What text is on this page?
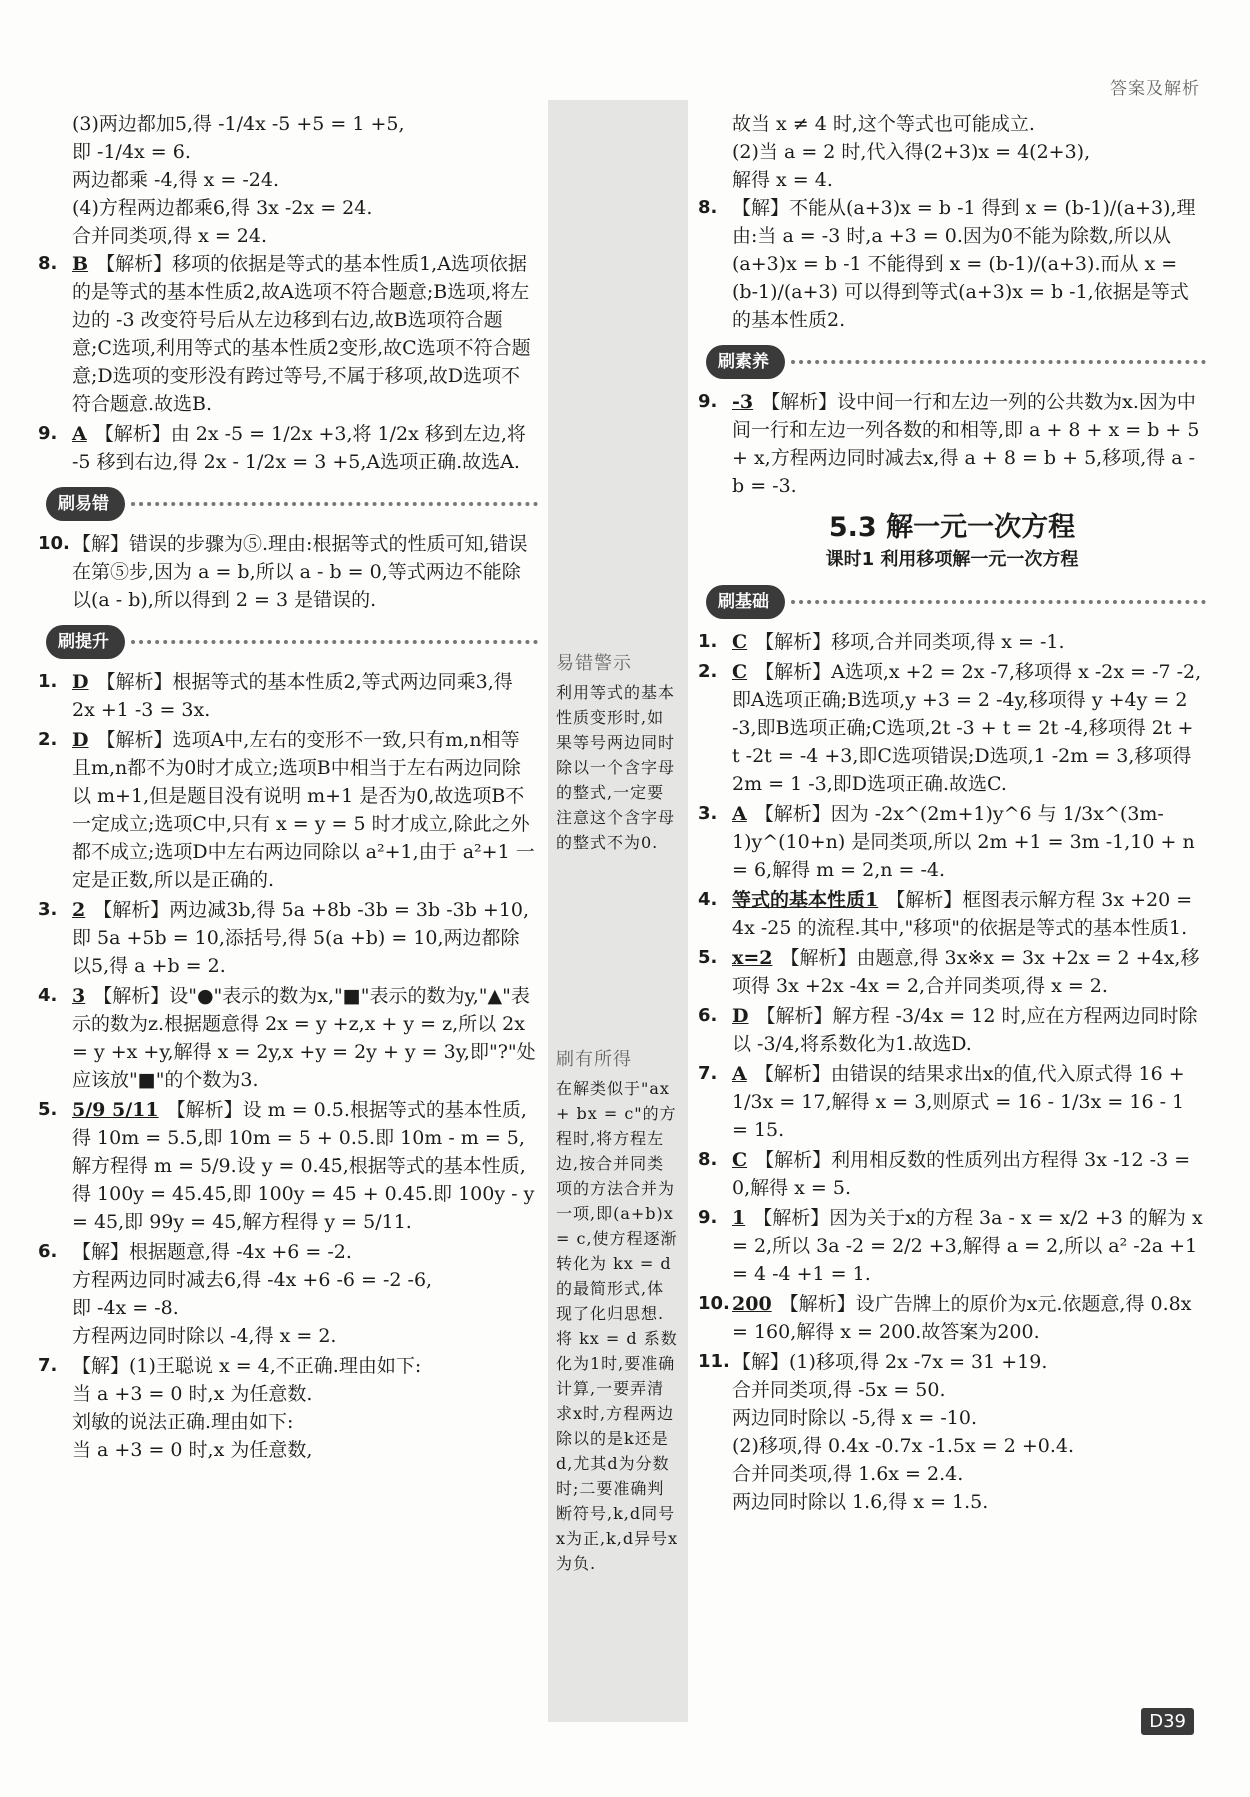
答案及解析

(3)两边都加5,得 -1/4x -5 +5 = 1 +5,

即 -1/4x = 6.

两边都乘 -4,得 x = -24.

(4)方程两边都乘6,得 3x -2x = 24.

合并同类项,得 x = 24.

8. B 【解析】移项的依据是等式的基本性质1,A选项依据的是等式的基本性质2,故A选项不符合题意;B选项,将左边的 -3 改变符号后从左边移到右边,故B选项符合题意;C选项,利用等式的基本性质2变形,故C选项不符合题意;D选项的变形没有跨过等号,不属于移项,故D选项不符合题意.故选B.
9. A 【解析】由 2x -5 = 1/2x +3,将 1/2x 移到左边,将 -5 移到右边,得 2x - 1/2x = 3 +5,A选项正确.故选A.
刷易错
10. 【解】错误的步骤为⑤.理由:根据等式的性质可知,错误在第⑤步,因为 a = b,所以 a - b = 0,等式两边不能除以(a - b),所以得到 2 = 3 是错误的.
刷提升
1. D 【解析】根据等式的基本性质2,等式两边同乘3,得 2x +1 -3 = 3x.
2. D 【解析】选项A中,左右的变形不一致,只有m,n相等且m,n都不为0时才成立;选项B中相当于左右两边同除以 m+1,但是题目没有说明 m+1 是否为0,故选项B不一定成立;选项C中,只有 x = y = 5 时才成立,除此之外都不成立;选项D中左右两边同除以 a²+1,由于 a²+1 一定是正数,所以是正确的.
3. 2 【解析】两边减3b,得 5a +8b -3b = 3b -3b +10,即 5a +5b = 10,添括号,得 5(a +b) = 10,两边都除以5,得 a +b = 2.
4. 3 【解析】设"●"表示的数为x,"■"表示的数为y,"▲"表示的数为z.根据题意得 2x = y +z,x + y = z,所以 2x = y +x +y,解得 x = 2y,x +y = 2y + y = 3y,即"?"处应该放"■"的个数为3.
5. 5/9 5/11 【解析】设 m = 0.5̇.根据等式的基本性质,得 10m = 5.5̇,即 10m = 5 + 0.5̇.即 10m - m = 5,解方程得 m = 5/9.设 y = 0.4̇5̇,根据等式的基本性质,得 100y = 45.4̇5̇,即 100y = 45 + 0.4̇5̇.即 100y - y = 45,即 99y = 45,解方程得 y = 5/11.
6. 【解】根据题意,得 -4x +6 = -2.

方程两边同时减去6,得 -4x +6 -6 = -2 -6,

即 -4x = -8.

方程两边同时除以 -4,得 x = 2.

7. 【解】(1)王聪说 x = 4,不正确.理由如下:

当 a +3 = 0 时,x 为任意数.

刘敏的说法正确.理由如下:

当 a +3 = 0 时,x 为任意数,

易错警示
利用等式的基本性质变形时,如果等号两边同时除以一个含字母的整式,一定要注意这个含字母的整式不为0.
刷有所得
在解类似于"ax + bx = c"的方程时,将方程左边,按合并同类项的方法合并为一项,即(a+b)x = c,使方程逐渐转化为 kx = d 的最简形式,体现了化归思想.将 kx = d 系数化为1时,要准确计算,一要弄清求x时,方程两边除以的是k还是d,尤其d为分数时;二要准确判断符号,k,d同号x为正,k,d异号x为负.

故当 x ≠ 4 时,这个等式也可能成立.

(2)当 a = 2 时,代入得(2+3)x = 4(2+3),

解得 x = 4.

8. 【解】不能从(a+3)x = b -1 得到 x = (b-1)/(a+3),理由:当 a = -3 时,a +3 = 0.因为0不能为除数,所以从(a+3)x = b -1 不能得到 x = (b-1)/(a+3).而从 x = (b-1)/(a+3) 可以得到等式(a+3)x = b -1,依据是等式的基本性质2.
刷素养
9. -3 【解析】设中间一行和左边一列的公共数为x.因为中间一行和左边一列各数的和相等,即 a + 8 + x = b + 5 + x,方程两边同时减去x,得 a + 8 = b + 5,移项,得 a - b = -3.
5.3 解一元一次方程
课时1 利用移项解一元一次方程
刷基础
1. C 【解析】移项,合并同类项,得 x = -1.
2. C 【解析】A选项,x +2 = 2x -7,移项得 x -2x = -7 -2,即A选项正确;B选项,y +3 = 2 -4y,移项得 y +4y = 2 -3,即B选项正确;C选项,2t -3 + t = 2t -4,移项得 2t + t -2t = -4 +3,即C选项错误;D选项,1 -2m = 3,移项得 2m = 1 -3,即D选项正确.故选C.
3. A 【解析】因为 -2x^(2m+1)y^6 与 1/3x^(3m-1)y^(10+n) 是同类项,所以 2m +1 = 3m -1,10 + n = 6,解得 m = 2,n = -4.
4. 等式的基本性质1 【解析】框图表示解方程 3x +20 = 4x -25 的流程.其中,"移项"的依据是等式的基本性质1.
5. x=2 【解析】由题意,得 3x※x = 3x +2x = 2 +4x,移项得 3x +2x -4x = 2,合并同类项,得 x = 2.
6. D 【解析】解方程 -3/4x = 12 时,应在方程两边同时除以 -3/4,将系数化为1.故选D.
7. A 【解析】由错误的结果求出x的值,代入原式得 16 + 1/3x = 17,解得 x = 3,则原式 = 16 - 1/3x = 16 - 1 = 15.
8. C 【解析】利用相反数的性质列出方程得 3x -12 -3 = 0,解得 x = 5.
9. 1 【解析】因为关于x的方程 3a - x = x/2 +3 的解为 x = 2,所以 3a -2 = 2/2 +3,解得 a = 2,所以 a² -2a +1 = 4 -4 +1 = 1.
10. 200 【解析】设广告牌上的原价为x元.依题意,得 0.8x = 160,解得 x = 200.故答案为200.
11. 【解】(1)移项,得 2x -7x = 31 +19.

合并同类项,得 -5x = 50.

两边同时除以 -5,得 x = -10.

(2)移项,得 0.4x -0.7x -1.5x = 2 +0.4.

合并同类项,得 1.6x = 2.4.

两边同时除以 1.6,得 x = 1.5.

D39
